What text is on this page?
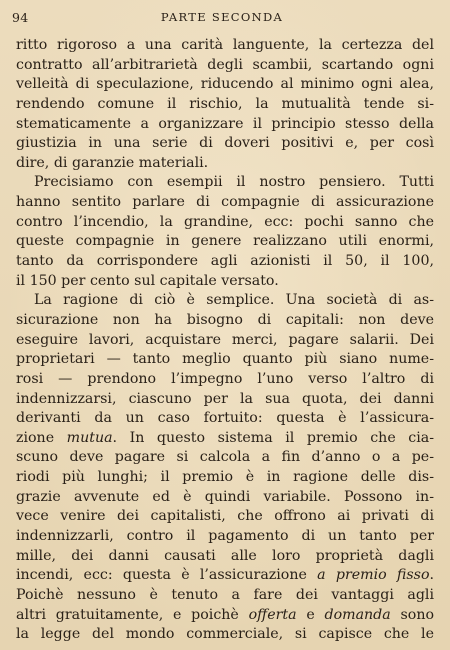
94	PARTE SECONDA
ritto rigoroso a una carità languente, la certezza del
contratto all’arbitrarietà degli scambii, scartando ogni
velleità di speculazione, riducendo al minimo ogni alea,
rendendo comune il rischio, la mutualità tende si-
stematicamente a organizzare il principio stesso della
giustizia in una serie di doveri positivi e, per così
dire, di garanzie materiali.
Precisiamo con esempii il nostro pensiero. Tutti
hanno sentito parlare di compagnie di assicurazione
contro l’incendio, la grandine, ecc: pochi sanno che
queste compagnie in genere realizzano utili enormi,
tanto da corrispondere agli azionisti il 50, il 100,
il 150 per cento sul capitale versato.
La ragione di ciò è semplice. Una società di as-
sicurazione non ha bisogno di capitali: non deve
eseguire lavori, acquistare merci, pagare salarii. Dei
proprietari — tanto meglio quanto più siano nume-
rosi — prendono l’impegno l’uno verso l’altro di
indennizzarsi, ciascuno per la sua quota, dei danni
derivanti da un caso fortuito: questa è l’assicura-
zione mutua. In questo sistema il premio che cia-
scuno deve pagare si calcola a fin d’anno o a pe-
riodi più lunghi; il premio è in ragione delle dis-
grazie avvenute ed è quindi variabile. Possono in-
vece venire dei capitalisti, che offrono ai privati di
indennizzarli, contro il pagamento di un tanto per
mille, dei danni causati alle loro proprietà dagli
incendi, ecc: questa è l’assicurazione a premio fisso.
Poichè nessuno è tenuto a fare dei vantaggi agli
altri gratuitamente, e poichè offerta e domanda sono
la legge del mondo commerciale, si capisce che le
